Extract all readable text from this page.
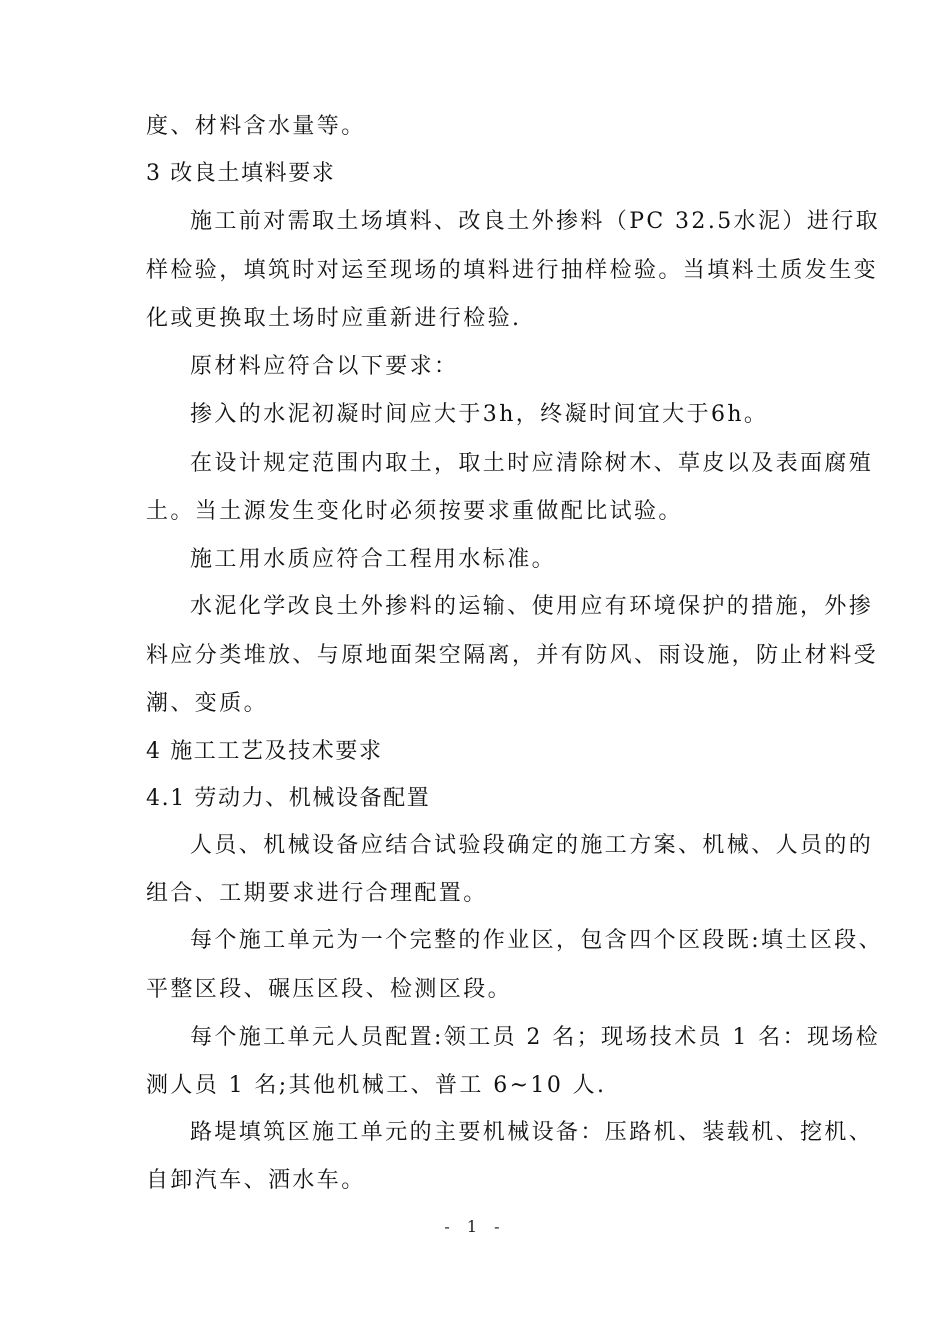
度、材料含水量等。
3 改良土填料要求
施工前对需取土场填料、改良土外掺料（PC 32.5水泥）进行取
样检验，填筑时对运至现场的填料进行抽样检验。当填料土质发生变
化或更换取土场时应重新进行检验.
原材料应符合以下要求：
掺入的水泥初凝时间应大于3h，终凝时间宜大于6h。
在设计规定范围内取土，取土时应清除树木、草皮以及表面腐殖
土。当土源发生变化时必须按要求重做配比试验。
施工用水质应符合工程用水标准。
水泥化学改良土外掺料的运输、使用应有环境保护的措施，外掺
料应分类堆放、与原地面架空隔离，并有防风、雨设施，防止材料受
潮、变质。
4 施工工艺及技术要求
4.1 劳动力、机械设备配置
人员、机械设备应结合试验段确定的施工方案、机械、人员的的
组合、工期要求进行合理配置。
每个施工单元为一个完整的作业区，包含四个区段既:填土区段、
平整区段、碾压区段、检测区段。
每个施工单元人员配置:领工员 2 名；现场技术员 1 名：现场检
测人员 1 名;其他机械工、普工 6~10 人.
路堤填筑区施工单元的主要机械设备：压路机、装载机、挖机、
自卸汽车、洒水车。
- 1 -
